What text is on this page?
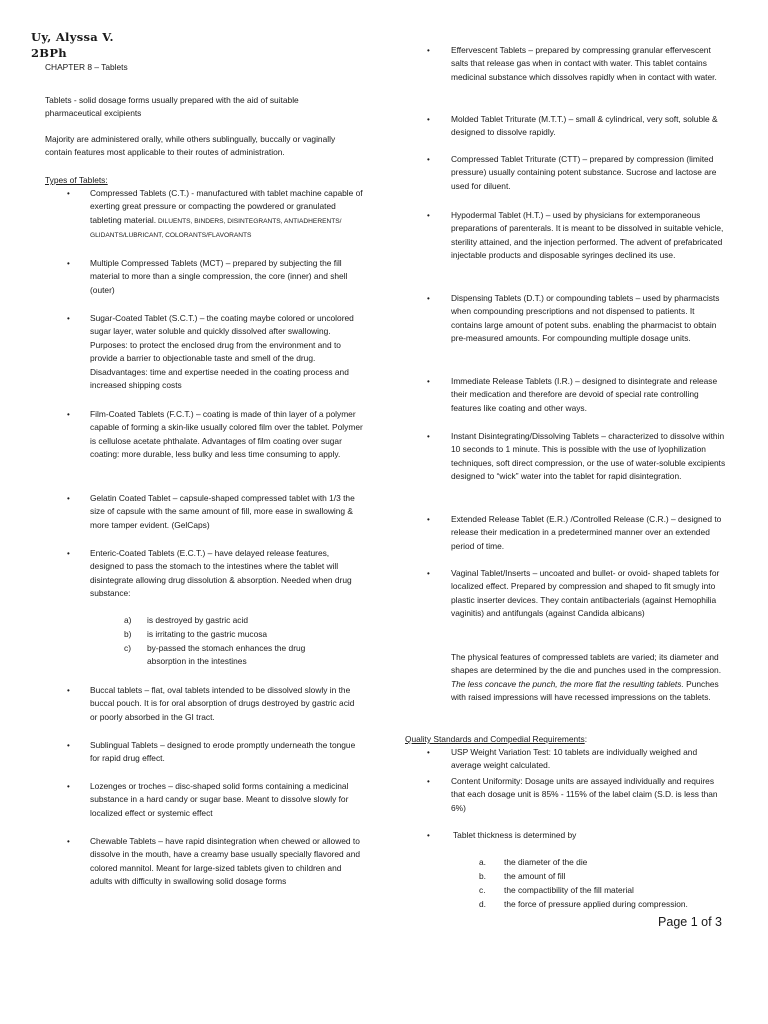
Uy, Alyssa V.
2BPh

CHAPTER 8 – Tablets

Tablets - solid dosage forms usually prepared with the aid of suitable pharmaceutical excipients

Majority are administered orally, while others sublingually, buccally or vaginally contain features most applicable to their routes of administration.

Types of Tablets:

• Compressed Tablets (C.T.) - manufactured with tablet machine capable of exerting great pressure or compacting the powdered or granulated tableting material. DILUENTS, BINDERS, DISINTEGRANTS, ANTIADHERENTS/ GLIDANTS/LUBRICANT, COLORANTS/FLAVORANTS
• Multiple Compressed Tablets (MCT) – prepared by subjecting the fill material to more than a single compression, the core (inner) and shell (outer)
• Sugar-Coated Tablet (S.C.T.) – the coating maybe colored or uncolored sugar layer, water soluble and quickly dissolved after swallowing. Purposes: to protect the enclosed drug from the environment and to provide a barrier to objectionable taste and smell of the drug. Disadvantages: time and expertise needed in the coating process and increased shipping costs
• Film-Coated Tablets (F.C.T.) – coating is made of thin layer of a polymer capable of forming a skin-like usually colored film over the tablet. Polymer is cellulose acetate phthalate. Advantages of film coating over sugar coating: more durable, less bulky and less time consuming to apply.
• Gelatin Coated Tablet – capsule-shaped compressed tablet with 1/3 the size of capsule with the same amount of fill, more ease in swallowing & more tamper evident. (GelCaps)
• Enteric-Coated Tablets (E.C.T.) – have delayed release features, designed to pass the stomach to the intestines where the tablet will disintegrate allowing drug dissolution & absorption. Needed when drug substance:
a) is destroyed by gastric acid
b) is irritating to the gastric mucosa
c) by-passed the stomach enhances the drug absorption in the intestines
• Buccal tablets – flat, oval tablets intended to be dissolved slowly in the buccal pouch. It is for oral absorption of drugs destroyed by gastric acid or poorly absorbed in the GI tract.
• Sublingual Tablets – designed to erode promptly underneath the tongue for rapid drug effect.
• Lozenges or troches – disc-shaped solid forms containing a medicinal substance in a hard candy or sugar base. Meant to dissolve slowly for localized effect or systemic effect
• Chewable Tablets – have rapid disintegration when chewed or allowed to dissolve in the mouth, have a creamy base usually specially flavored and colored mannitol. Meant for large-sized tablets given to children and adults with difficulty in swallowing solid dosage forms
•	Effervescent Tablets – prepared by compressing granular effervescent salts that release gas when in contact with water. This tablet contains medicinal substance which dissolves rapidly when in contact with water.
•	Molded Tablet Triturate (M.T.T.) – small & cylindrical, very soft, soluble & designed to dissolve rapidly.
•	Compressed Tablet Triturate (CTT) – prepared by compression (limited pressure) usually containing potent substance. Sucrose and lactose are used for diluent.
•	Hypodermal Tablet (H.T.) – used by physicians for extemporaneous preparations of parenterals. It is meant to be dissolved in suitable vehicle, sterility attained, and the injection performed. The advent of prefabricated injectable products and disposable syringes declined its use.
•	Dispensing Tablets (D.T.) or compounding tablets – used by pharmacists when compounding prescriptions and not dispensed to patients. It contains large amount of potent subs. enabling the pharmacist to obtain pre-measured amounts. For compounding multiple dosage units.
•	Immediate Release Tablets (I.R.) – designed to disintegrate and release their medication and therefore are devoid of special rate controlling features like coating and other ways.
•	Instant Disintegrating/Dissolving Tablets – characterized to dissolve within 10 seconds to 1 minute. This is possible with the use of lyophilization techniques, soft direct compression, or the use of water-soluble excipients designed to “wick” water into the tablet for rapid disintegration.
•	Extended Release Tablet (E.R.) /Controlled Release (C.R.) – designed to release their medication in a predetermined manner over an extended period of time.
•	Vaginal Tablet/Inserts – uncoated and bullet- or ovoid- shaped tablets for localized effect. Prepared by compression and shaped to fit smugly into plastic inserter devices. They contain antibacterials (against Hemophilia vaginitis) and antifungals (against Candida albicans)
The physical features of compressed tablets are varied; its diameter and shapes are determined by the die and punches used in the compression. The less concave the punch, the more flat the resulting tablets. Punches with raised impressions will have recessed impressions on the tablets.
Quality Standards and Compedial Requirements:
•	USP Weight Variation Test: 10 tablets are individually weighed and average weight calculated.
•	Content Uniformity: Dosage units are assayed individually and requires that each dosage unit is 85% - 115% of the label claim (S.D. is less than 6%)
•	Tablet thickness is determined by
a. the diameter of the die
b. the amount of fill
c. the compactibility of the fill material
d. the force of pressure applied during compression.
Page 1 of 3
